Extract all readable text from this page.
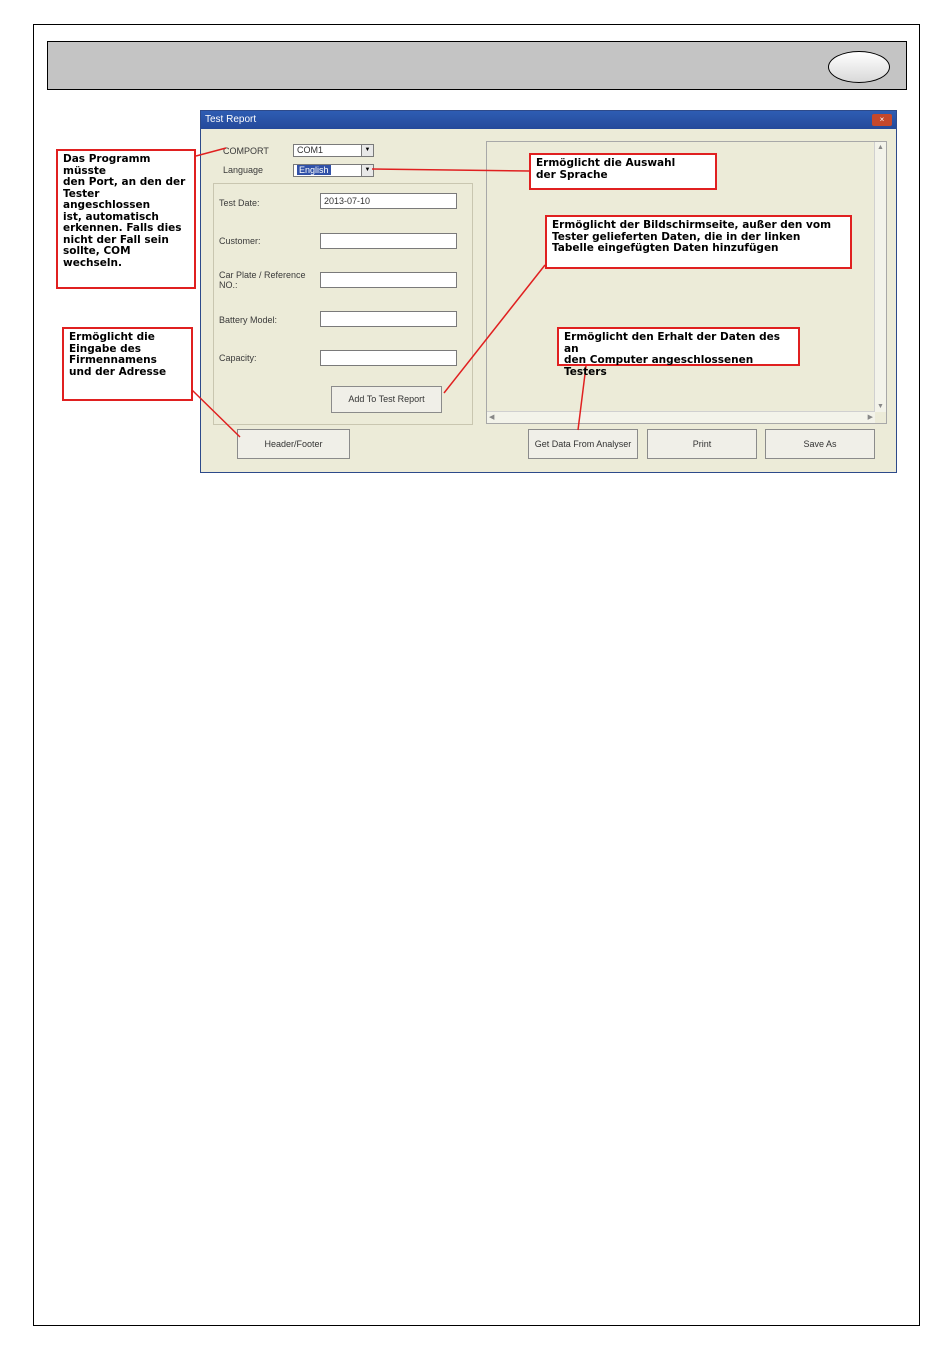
Test Report	×
COMPORT	COM1	▼
Language	English	▼
Test Date:	2013-07-10
Customer:
Car Plate / Reference
NO.:
Battery Model:
Capacity:
Add To Test Report
Header/Footer
▲
▼
◀	▶
Get Data From Analyser	Print	Save As
Das Programm müsste
den Port, an den der
Tester angeschlossen
ist, automatisch
erkennen. Falls dies
nicht der Fall sein
sollte, COM wechseln.
Ermöglicht die
Eingabe des
Firmennamens
und der Adresse
Ermöglicht die Auswahl
der Sprache
Ermöglicht der Bildschirmseite, außer den vom
Tester gelieferten Daten, die in der linken
Tabelle eingefügten Daten hinzufügen
Ermöglicht den Erhalt der Daten des an
den Computer angeschlossenen Testers
